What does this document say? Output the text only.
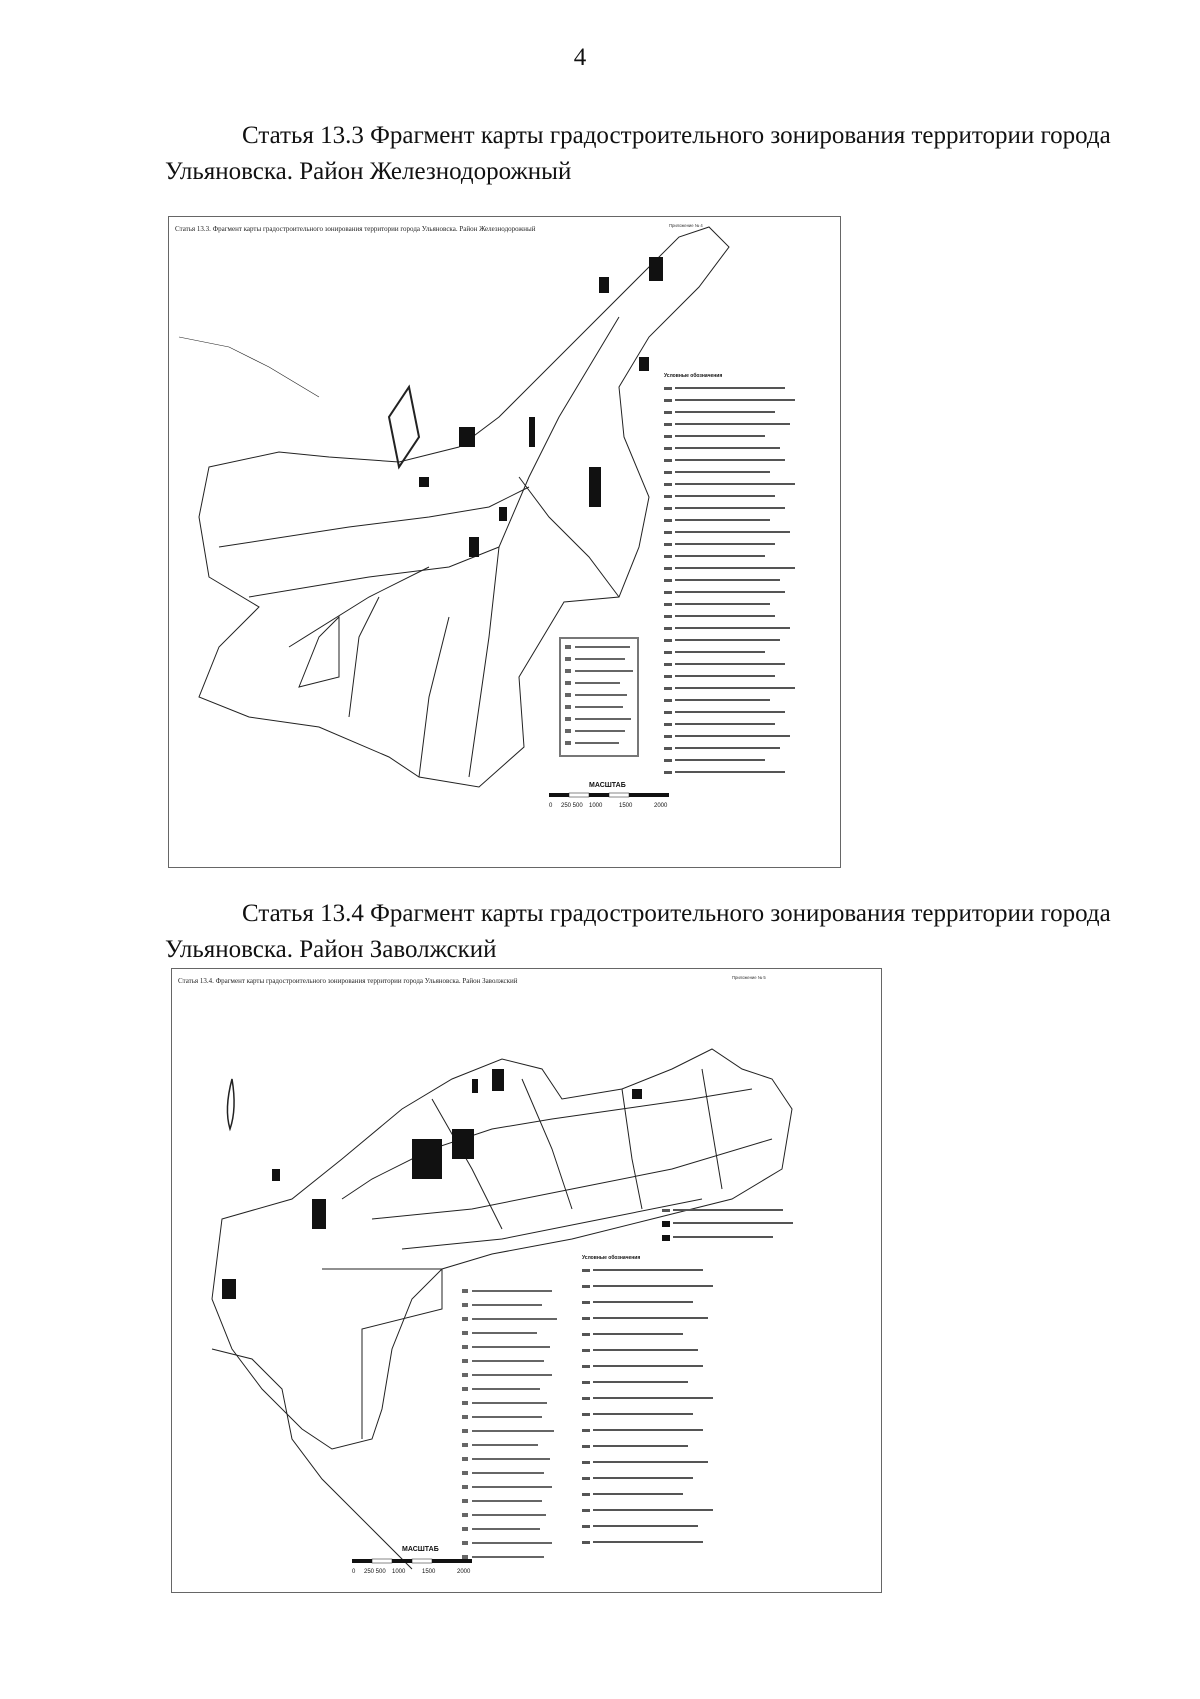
4
Статья 13.3 Фрагмент карты градостроительного зонирования территории города Ульяновска. Район Железнодорожный
Статья 13.3. Фрагмент карты градостроительного зонирования территории города Ульяновска. Район Железнодорожный	Приложение № 4
Условные обозначения
МАСШТАБ
0 250 500 1000	1500	2000
Статья 13.4 Фрагмент карты градостроительного зонирования территории города Ульяновска. Район Заволжский
Статья 13.4. Фрагмент карты градостроительного зонирования территории города Ульяновска. Район Заволжский	Приложение № 5
Условные обозначения
МАСШТАБ
0 250 500 1000	1500	2000
